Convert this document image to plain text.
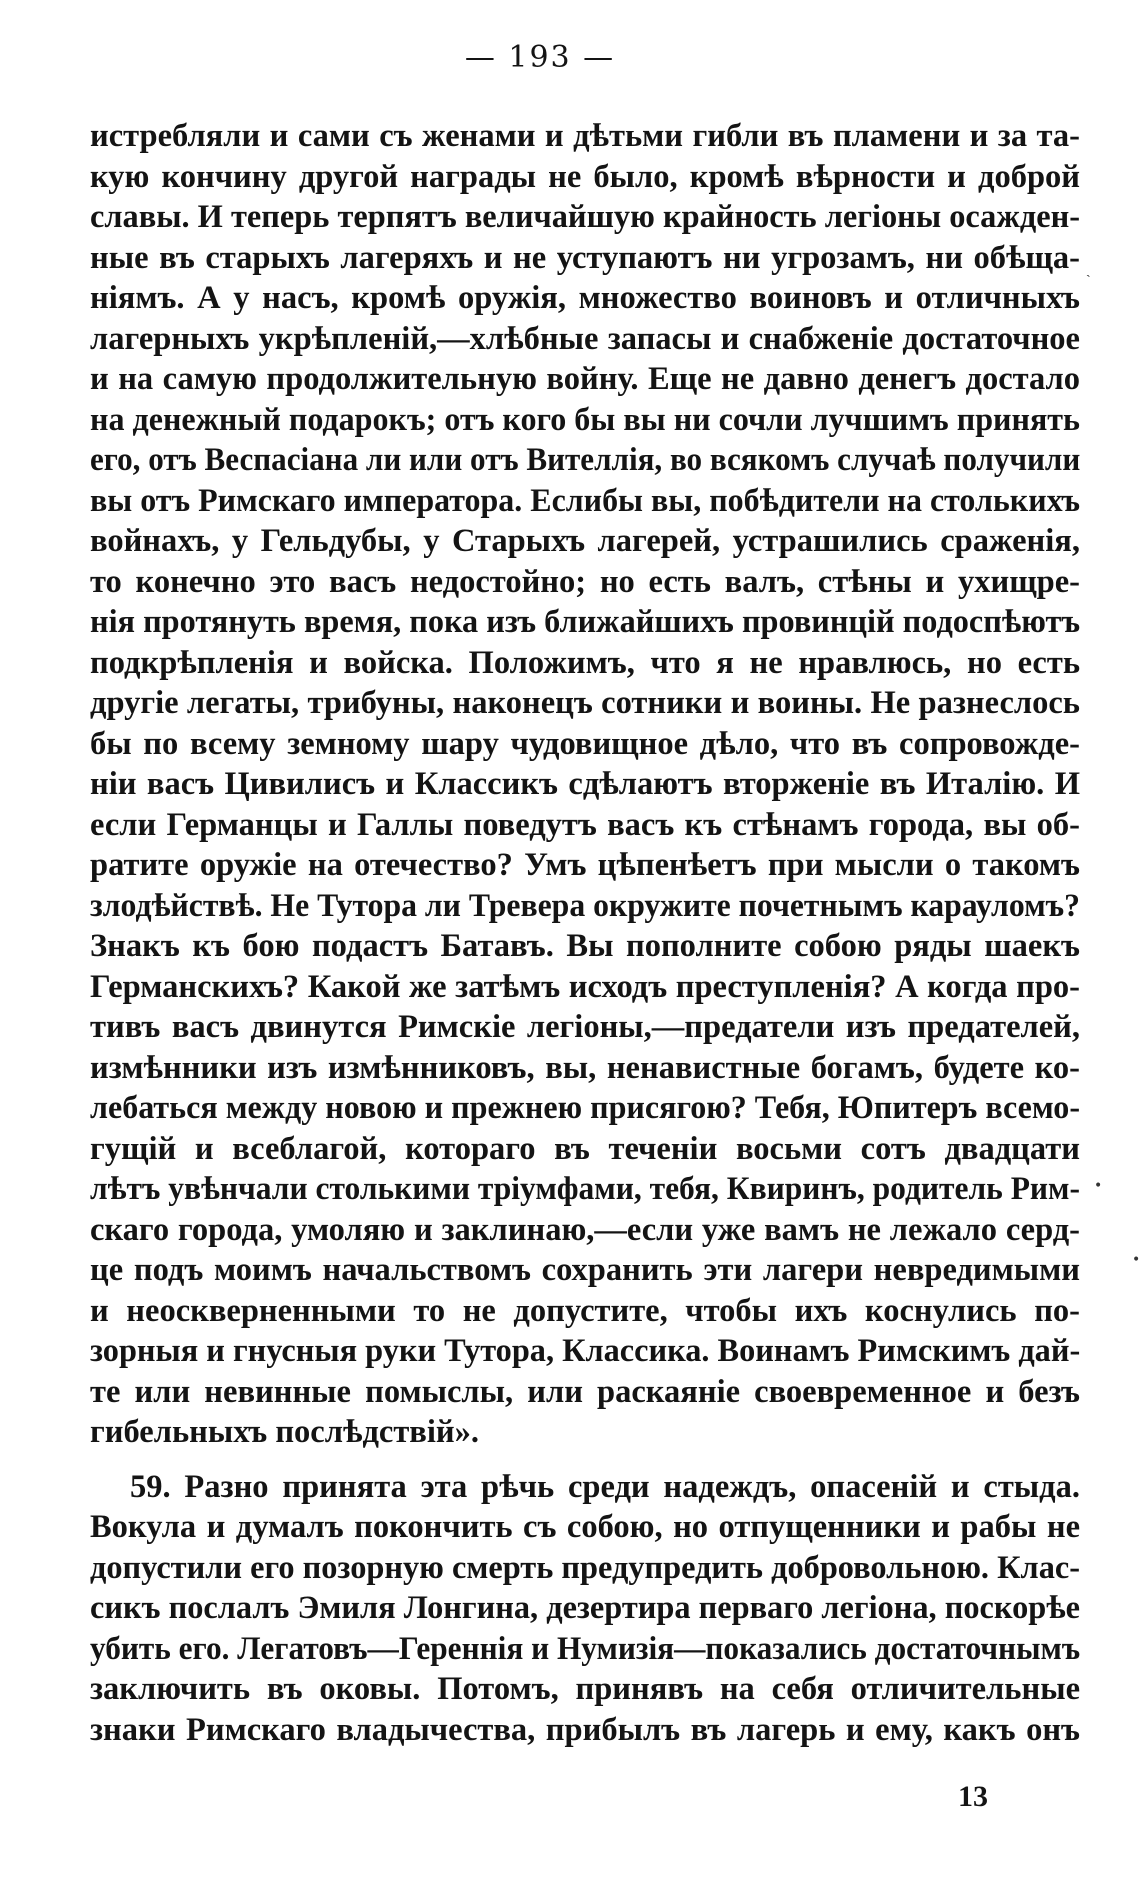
— 193 —
истребляли и сами съ женами и дѣтьми гибли въ пламени и за та-
кую кончину другой награды не было, кромѣ вѣрности и доброй
славы. И теперь терпятъ величайшую крайность легіоны осажден-
ные въ старыхъ лагеряхъ и не уступаютъ ни угрозамъ, ни обѣща-
ніямъ. А у насъ, кромѣ оружія, множество воиновъ и отличныхъ
лагерныхъ укрѣпленій,—хлѣбные запасы и снабженіе достаточное
и на самую продолжительную войну. Еще не давно денегъ достало
на денежный подарокъ; отъ кого бы вы ни сочли лучшимъ принять
его, отъ Веспасіана ли или отъ Вителлія, во всякомъ случаѣ получили
вы отъ Римскаго императора. Еслибы вы, побѣдители на столькихъ
войнахъ, у Гельдубы, у Старыхъ лагерей, устрашились сраженія,
то конечно это васъ недостойно; но есть валъ, стѣны и ухищре-
нія протянуть время, пока изъ ближайшихъ провинцій подоспѣютъ
подкрѣпленія и войска. Положимъ, что я не нравлюсь, но есть
другіе легаты, трибуны, наконецъ сотники и воины. Не разнеслось
бы по всему земному шару чудовищное дѣло, что въ сопровожде-
ніи васъ Цивилисъ и Классикъ сдѣлаютъ вторженіе въ Италію. И
если Германцы и Галлы поведутъ васъ къ стѣнамъ города, вы об-
ратите оружіе на отечество? Умъ цѣпенѣетъ при мысли о такомъ
злодѣйствѣ. Не Тутора ли Тревера окружите почетнымъ карауломъ?
Знакъ къ бою подастъ Батавъ. Вы пополните собою ряды шаекъ
Германскихъ? Какой же затѣмъ исходъ преступленія? А когда про-
тивъ васъ двинутся Римскіе легіоны,—предатели изъ предателей,
измѣнники изъ измѣнниковъ, вы, ненавистные богамъ, будете ко-
лебаться между новою и прежнею присягою? Тебя, Юпитеръ всемо-
гущій и всеблагой, котораго въ теченіи восьми сотъ двадцати
лѣтъ увѣнчали столькими тріумфами, тебя, Квиринъ, родитель Рим-
скаго города, умоляю и заклинаю,—если уже вамъ не лежало серд-
це подъ моимъ начальствомъ сохранить эти лагери невредимыми
и неоскверненными то не допустите, чтобы ихъ коснулись по-
зорныя и гнусныя руки Тутора, Классика. Воинамъ Римскимъ дай-
те или невинные помыслы, или раскаяніе своевременное и безъ
гибельныхъ послѣдствій».
59. Разно принята эта рѣчь среди надеждъ, опасеній и стыда.
Вокула и думалъ покончить съ собою, но отпущенники и рабы не
допустили его позорную смерть предупредить добровольною. Клас-
сикъ послалъ Эмиля Лонгина, дезертира перваго легіона, поскорѣе
убить его. Легатовъ—Гереннія и Нумизія—показались достаточнымъ
заключить въ оковы. Потомъ, принявъ на себя отличительные
знаки Римскаго владычества, прибылъ въ лагерь и ему, какъ онъ
13
ˎ
•
•
